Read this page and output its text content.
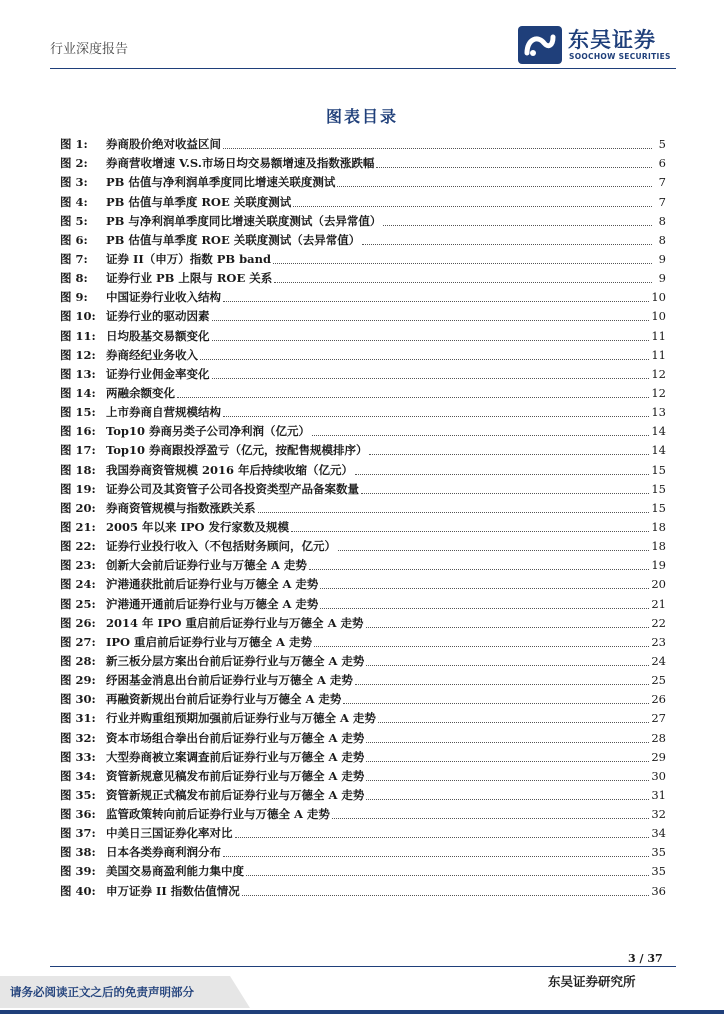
行业深度报告	东吴证券
SOOCHOW SECURITIES
图表目录
图 1:	券商股价绝对收益区间	5
图 2:	券商营收增速 V.S.市场日均交易额增速及指数涨跌幅	6
图 3:	PB 估值与净利润单季度同比增速关联度测试	7
图 4:	PB 估值与单季度 ROE 关联度测试	7
图 5:	PB 与净利润单季度同比增速关联度测试（去异常值）	8
图 6:	PB 估值与单季度 ROE 关联度测试（去异常值）	8
图 7:	证券 II（申万）指数 PB band	9
图 8:	证券行业 PB 上限与 ROE 关系	9
图 9:	中国证券行业收入结构	10
图 10: 证券行业的驱动因素	10
图 11: 日均股基交易额变化	11
图 12: 券商经纪业务收入	11
图 13: 证券行业佣金率变化	12
图 14: 两融余额变化	12
图 15: 上市券商自营规模结构	13
图 16: Top10 券商另类子公司净利润（亿元）	14
图 17: Top10 券商跟投浮盈亏（亿元，按配售规模排序）	14
图 18: 我国券商资管规模 2016 年后持续收缩（亿元）	15
图 19: 证券公司及其资管子公司各投资类型产品备案数量	15
图 20: 券商资管规模与指数涨跌关系	15
图 21: 2005 年以来 IPO 发行家数及规模	18
图 22: 证券行业投行收入（不包括财务顾问，亿元）	18
图 23: 创新大会前后证券行业与万德全 A 走势	19
图 24: 沪港通获批前后证券行业与万德全 A 走势	20
图 25: 沪港通开通前后证券行业与万德全 A 走势	21
图 26: 2014 年 IPO 重启前后证券行业与万德全 A 走势	22
图 27: IPO 重启前后证券行业与万德全 A 走势	23
图 28: 新三板分层方案出台前后证券行业与万德全 A 走势	24
图 29: 纾困基金消息出台前后证券行业与万德全 A 走势	25
图 30: 再融资新规出台前后证券行业与万德全 A 走势	26
图 31: 行业并购重组预期加强前后证券行业与万德全 A 走势	27
图 32: 资本市场组合拳出台前后证券行业与万德全 A 走势	28
图 33: 大型券商被立案调查前后证券行业与万德全 A 走势	29
图 34: 资管新规意见稿发布前后证券行业与万德全 A 走势	30
图 35: 资管新规正式稿发布前后证券行业与万德全 A 走势	31
图 36: 监管政策转向前后证券行业与万德全 A 走势	32
图 37: 中美日三国证券化率对比	34
图 38: 日本各类券商利润分布	35
图 39: 美国交易商盈利能力集中度	35
图 40: 申万证券 II 指数估值情况	36
3 / 37
请务必阅读正文之后的免责声明部分
东吴证券研究所
